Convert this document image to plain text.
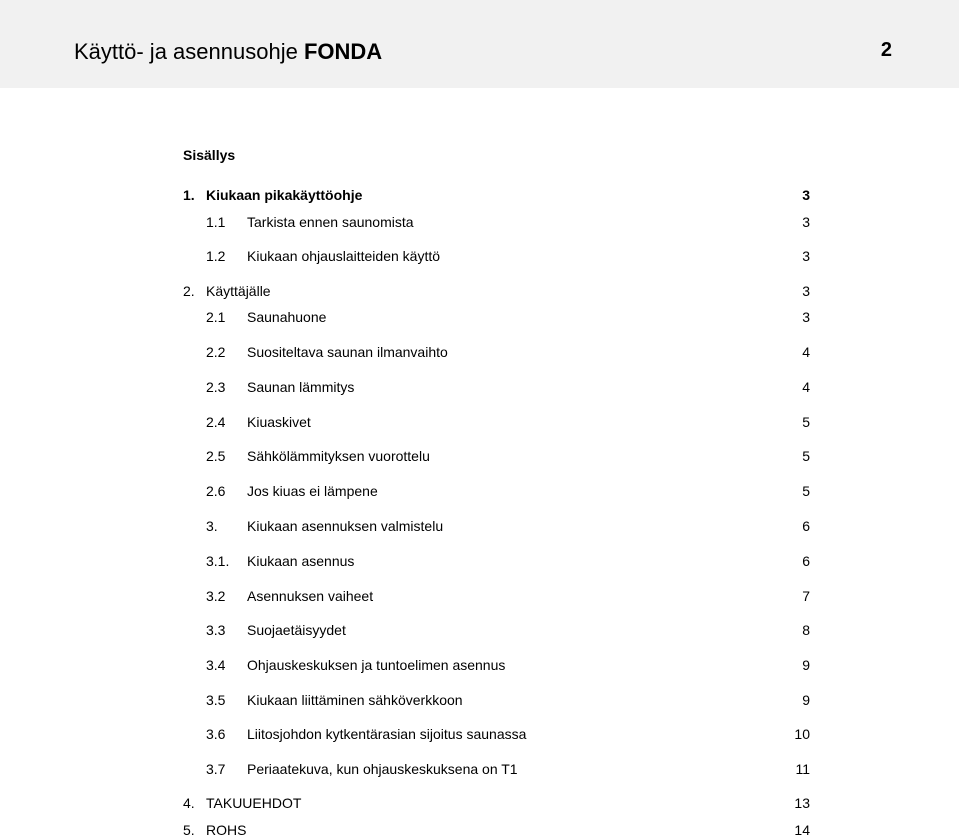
Käyttö- ja asennusohje FONDA	2
Sisällys
1. Kiukaan pikakäyttöohje	3
1.1 Tarkista ennen saunomista	3
1.2 Kiukaan ohjauslaitteiden käyttö	3
2. Käyttäjälle	3
2.1 Saunahuone	3
2.2 Suositeltava saunan ilmanvaihto	4
2.3 Saunan lämmitys	4
2.4 Kiuaskivet	5
2.5 Sähkölämmityksen vuorottelu	5
2.6 Jos kiuas ei lämpene	5
3. Kiukaan asennuksen valmistelu	6
3.1. Kiukaan asennus	6
3.2 Asennuksen vaiheet	7
3.3 Suojaetäisyydet	8
3.4 Ohjauskeskuksen ja tuntoelimen asennus	9
3.5 Kiukaan liittäminen sähköverkkoon	9
3.6 Liitosjohdon kytkentärasian sijoitus saunassa	10
3.7 Periaatekuva, kun ohjauskeskuksena on T1	11
4. TAKUUEHDOT	13
5. ROHS	14
